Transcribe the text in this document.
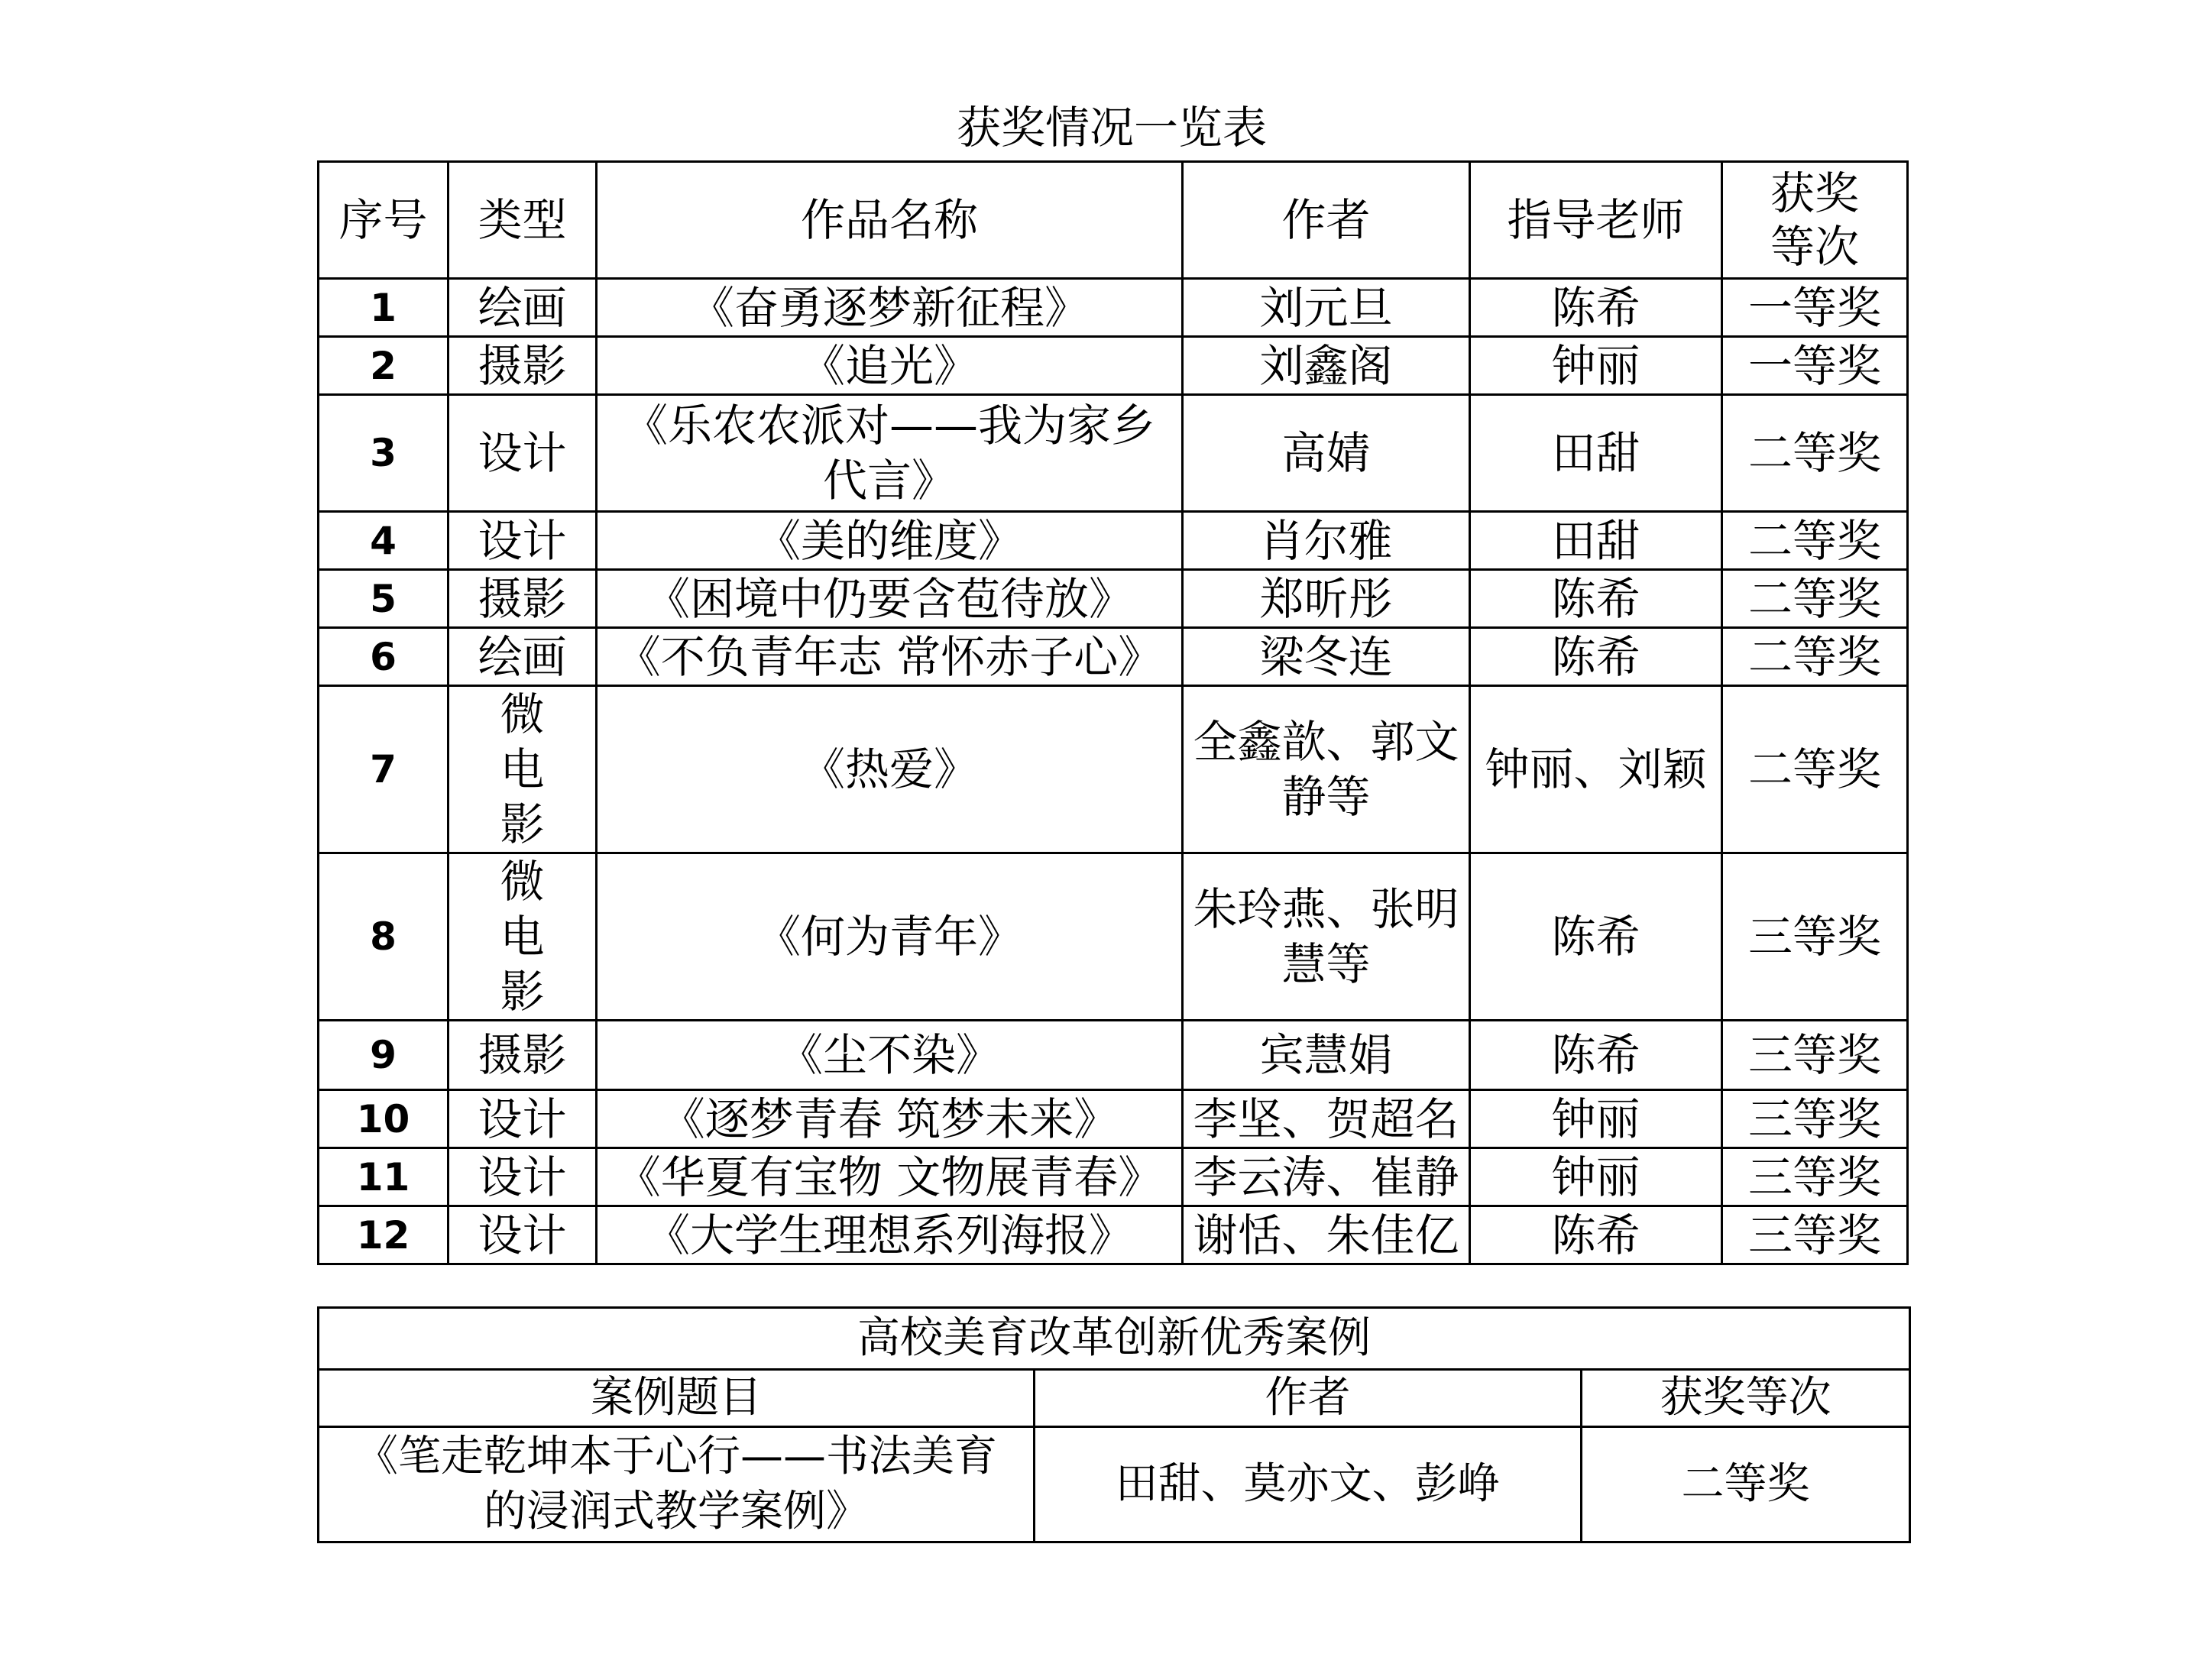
获奖情况一览表
序号	类型	作品名称	作者	指导老师	获奖等次
1	绘画	《奋勇逐梦新征程》	刘元旦	陈希	一等奖
2	摄影	《追光》	刘鑫阁	钟丽	一等奖
3	设计	《乐农农派对——我为家乡代言》	高婧	田甜	二等奖
4	设计	《美的维度》	肖尔雅	田甜	二等奖
5	摄影	《困境中仍要含苞待放》	郑昕彤	陈希	二等奖
6	绘画	《不负青年志 常怀赤子心》	梁冬连	陈希	二等奖
7	微电影	《热爱》	全鑫歆、郭文静等	钟丽、刘颖	二等奖
8	微电影	《何为青年》	朱玲燕、张明慧等	陈希	三等奖
9	摄影	《尘不染》	宾慧娟	陈希	三等奖
10	设计	《逐梦青春 筑梦未来》	李坚、贺超名	钟丽	三等奖
11	设计	《华夏有宝物 文物展青春》	李云涛、崔静	钟丽	三等奖
12	设计	《大学生理想系列海报》	谢恬、朱佳亿	陈希	三等奖
高校美育改革创新优秀案例		
案例题目	作者	获奖等次
《笔走乾坤本于心行——书法美育的浸润式教学案例》	田甜、莫亦文、彭峥	二等奖
